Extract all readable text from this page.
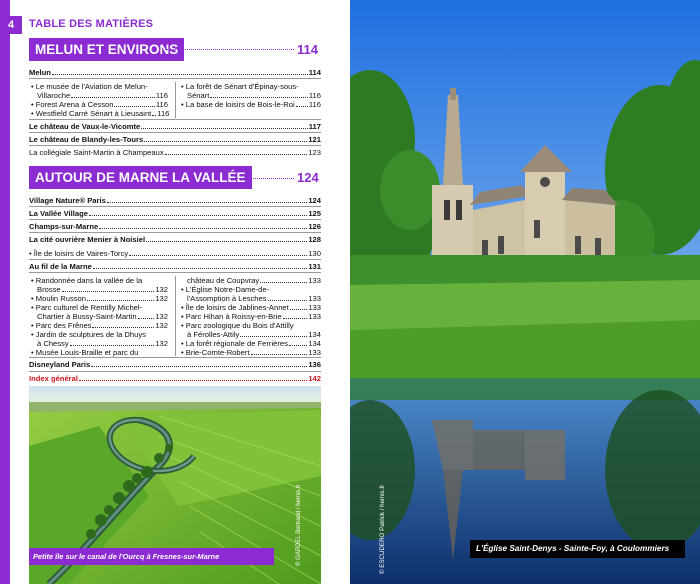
4	TABLE DES MATIÈRES
MELUN ET ENVIRONS	114
Melun	114
• Le musée de l'Aviation de Melun-
Villaroche	116
• Forest Arena à Cesson	116
• Westfield Carré Sénart à Lieusaint 116
• La forêt de Sénart d'Épinay-sous-
Sénart	116
• La base de loisirs de Bois-le-Roi 116
Le château de Vaux-le-Vicomte	117
Le château de Blandy-les-Tours	121
La collégiale Saint-Martin à Champeaux	123
AUTOUR DE MARNE LA VALLÉE	124
Village Nature® Paris	124
La Vallée Village	125
Champs-sur-Marne	126
La cité ouvrière Menier à Noisiel	128
• Île de loisirs de Vaires-Torcy	130
Au fil de la Marne	131
• Randonnée dans la vallée de la
Brosse	132
• Moulin Russon	132
• Parc culturel de Rentilly Michel-
Chartier à Bussy-Saint-Martin 132
• Parc des Frênes	132
• Jardin de sculptures de la Dhuys
à Chessy	132
• Musée Louis-Braille et parc du
château de Coupvray	133
• L'Église Notre-Dame-de-
l'Assomption à Lesches	133
• Île de loisirs de Jablines-Annet	133
• Parc Hihan à Roissy-en-Brie	133
• Parc zoologique du Bois d'Attilly
à Férolles-Attily	134
• La forêt régionale de Ferrières	134
• Brie-Comte-Robert	133
Disneyland Paris	136
Index général	142
Petite île sur le canal de l'Ourcq à Fresnes-sur-Marne	© GARDEL Bertrand / hemis.fr	L'Église Saint-Denys - Sainte-Foy, à Coulommiers
© ESCUDERO Patrick / hemis.fr
